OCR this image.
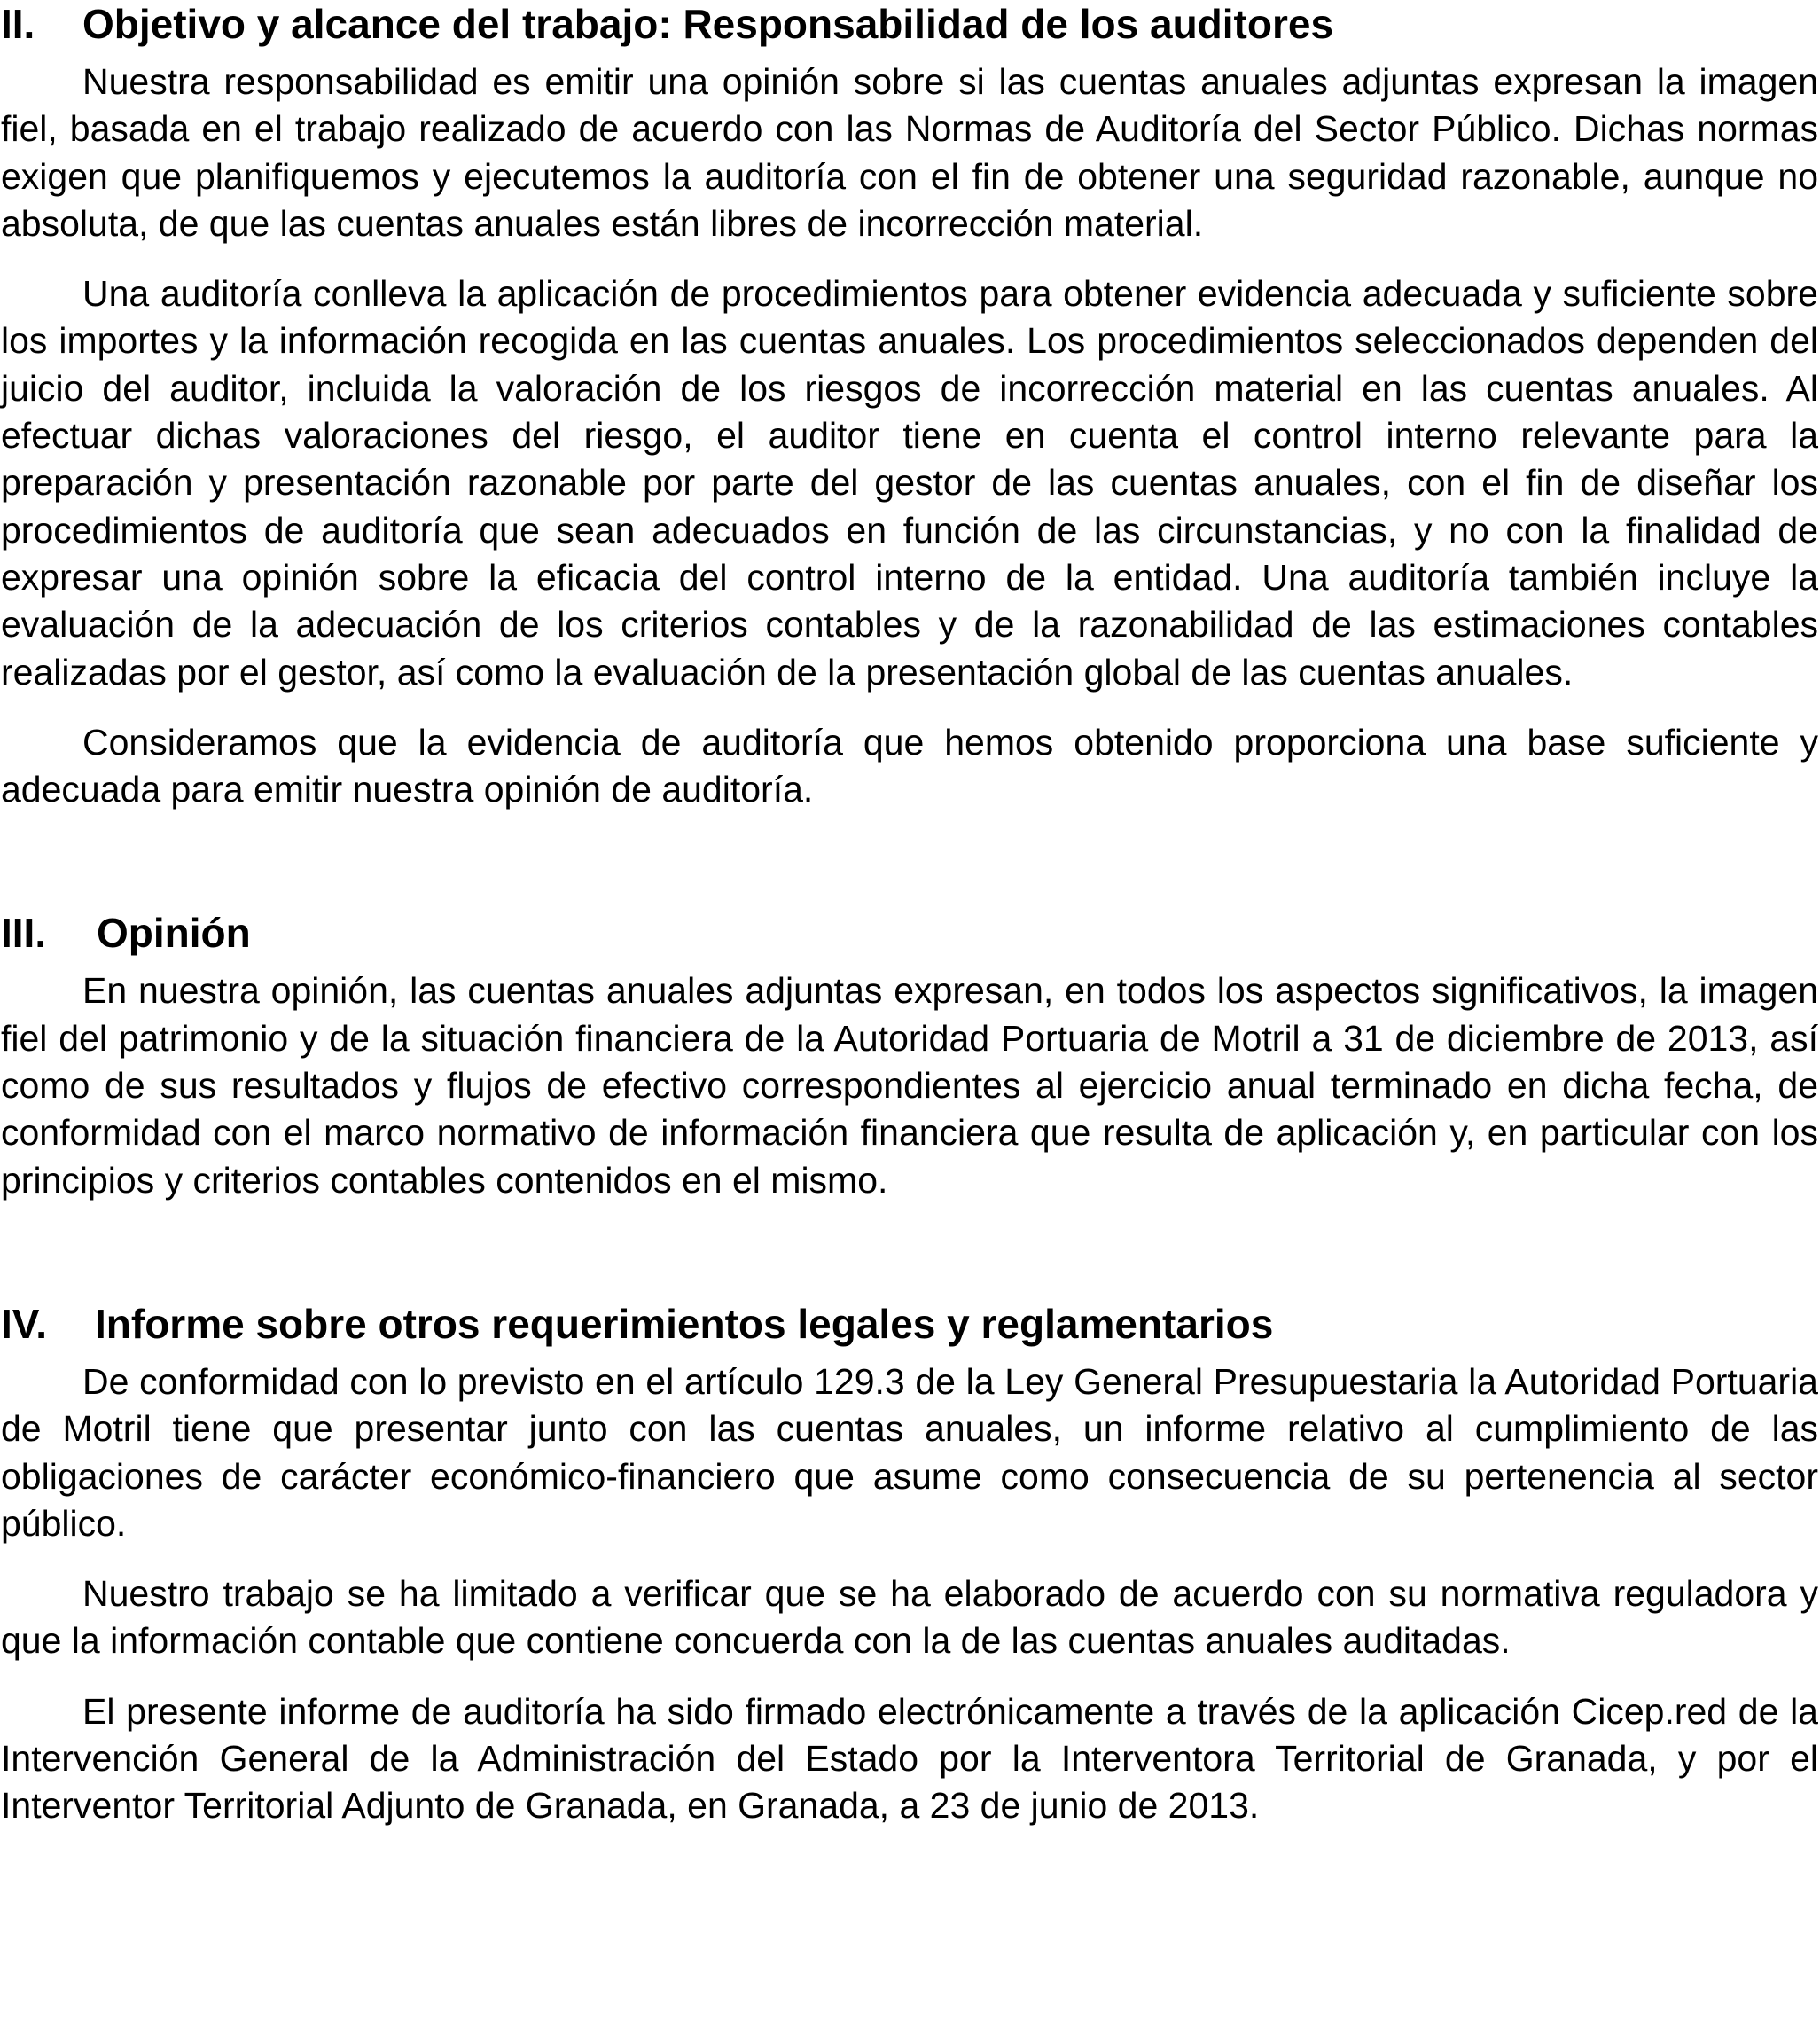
II.	Objetivo y alcance del trabajo: Responsabilidad de los auditores

Nuestra responsabilidad es emitir una opinión sobre si las cuentas anuales adjuntas expresan la imagen fiel, basada en el trabajo realizado de acuerdo con las Normas de Auditoría del Sector Público. Dichas normas exigen que planifiquemos y ejecutemos la auditoría con el fin de obtener una seguridad razonable, aunque no absoluta, de que las cuentas anuales están libres de incorrección material.

Una auditoría conlleva la aplicación de procedimientos para obtener evidencia adecuada y suficiente sobre los importes y la información recogida en las cuentas anuales. Los procedimientos seleccionados dependen del juicio del auditor, incluida la valoración de los riesgos de incorrección material en las cuentas anuales. Al efectuar dichas valoraciones del riesgo, el auditor tiene en cuenta el control interno relevante para la preparación y presentación razonable por parte del gestor de las cuentas anuales, con el fin de diseñar los procedimientos de auditoría que sean adecuados en función de las circunstancias, y no con la finalidad de expresar una opinión sobre la eficacia del control interno de la entidad. Una auditoría también incluye la evaluación de la adecuación de los criterios contables y de la razonabilidad de las estimaciones contables realizadas por el gestor, así como la evaluación de la presentación global de las cuentas anuales.

Consideramos que la evidencia de auditoría que hemos obtenido proporciona una base suficiente y adecuada para emitir nuestra opinión de auditoría.

III.	Opinión

En nuestra opinión, las cuentas anuales adjuntas expresan, en todos los aspectos significativos, la imagen fiel del patrimonio y de la situación financiera de la Autoridad Portuaria de Motril a 31 de diciembre de 2013, así como de sus resultados y flujos de efectivo correspondientes al ejercicio anual terminado en dicha fecha, de conformidad con el marco normativo de información financiera que resulta de aplicación y, en particular con los principios y criterios contables contenidos en el mismo.

IV.	Informe sobre otros requerimientos legales y reglamentarios

De conformidad con lo previsto en el artículo 129.3 de la Ley General Presupuestaria la Autoridad Portuaria de Motril tiene que presentar junto con las cuentas anuales, un informe relativo al cumplimiento de las obligaciones de carácter económico-financiero que asume como consecuencia de su pertenencia al sector público.

Nuestro trabajo se ha limitado a verificar que se ha elaborado de acuerdo con su normativa reguladora y que la información contable que contiene concuerda con la de las cuentas anuales auditadas.

El presente informe de auditoría ha sido firmado electrónicamente a través de la aplicación Cicep.red de la Intervención General de la Administración del Estado por la Interventora Territorial de Granada, y por el Interventor Territorial Adjunto de Granada, en Granada, a 23 de junio de 2013.
